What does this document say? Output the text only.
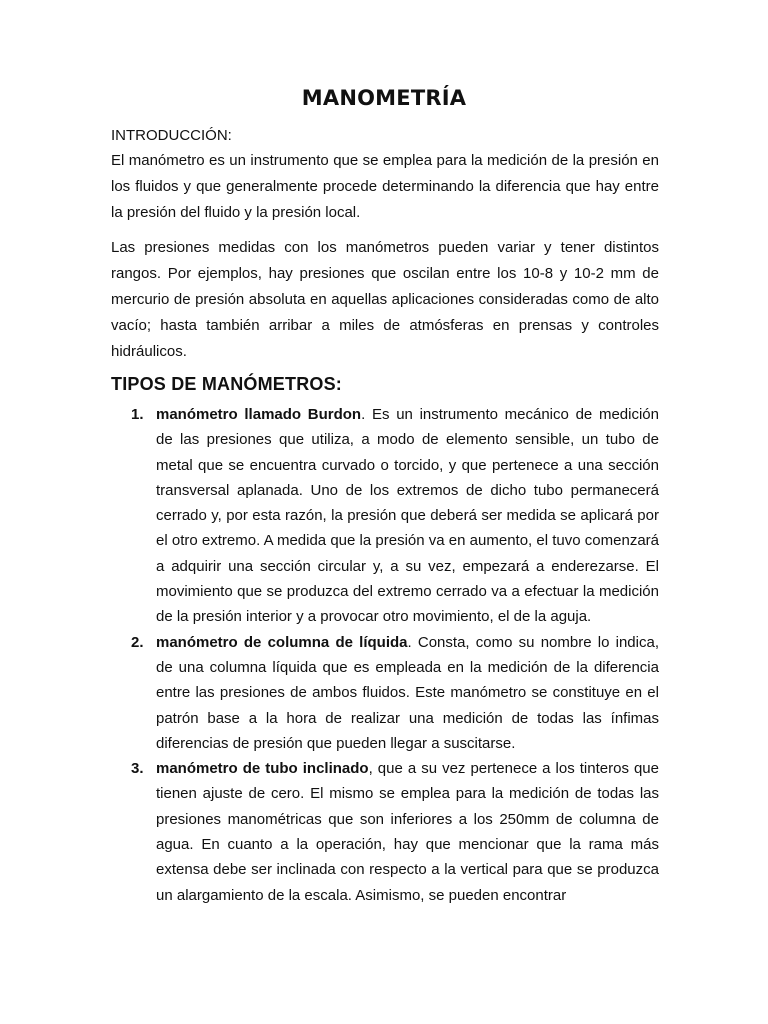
MANOMETRÍA
INTRODUCCIÓN:

El manómetro es un instrumento que se emplea para la medición de la presión en los fluidos y que generalmente procede determinando la diferencia que hay entre la presión del fluido y la presión local.

Las presiones medidas con los manómetros pueden variar y tener distintos rangos. Por ejemplos, hay presiones que oscilan entre los 10-8 y 10-2 mm de mercurio de presión absoluta en aquellas aplicaciones consideradas como de alto vacío; hasta también arribar a miles de atmósferas en prensas y controles hidráulicos.

TIPOS DE MANÓMETROS:
1. manómetro llamado Burdon. Es un instrumento mecánico de medición de las presiones que utiliza, a modo de elemento sensible, un tubo de metal que se encuentra curvado o torcido, y que pertenece a una sección transversal aplanada. Uno de los extremos de dicho tubo permanecerá cerrado y, por esta razón, la presión que deberá ser medida se aplicará por el otro extremo. A medida que la presión va en aumento, el tuvo comenzará a adquirir una sección circular y, a su vez, empezará a enderezarse. El movimiento que se produzca del extremo cerrado va a efectuar la medición de la presión interior y a provocar otro movimiento, el de la aguja.
2. manómetro de columna de líquida. Consta, como su nombre lo indica, de una columna líquida que es empleada en la medición de la diferencia entre las presiones de ambos fluidos. Este manómetro se constituye en el patrón base a la hora de realizar una medición de todas las ínfimas diferencias de presión que pueden llegar a suscitarse.
3. manómetro de tubo inclinado, que a su vez pertenece a los tinteros que tienen ajuste de cero. El mismo se emplea para la medición de todas las presiones manométricas que son inferiores a los 250mm de columna de agua. En cuanto a la operación, hay que mencionar que la rama más extensa debe ser inclinada con respecto a la vertical para que se produzca un alargamiento de la escala. Asimismo, se pueden encontrar
